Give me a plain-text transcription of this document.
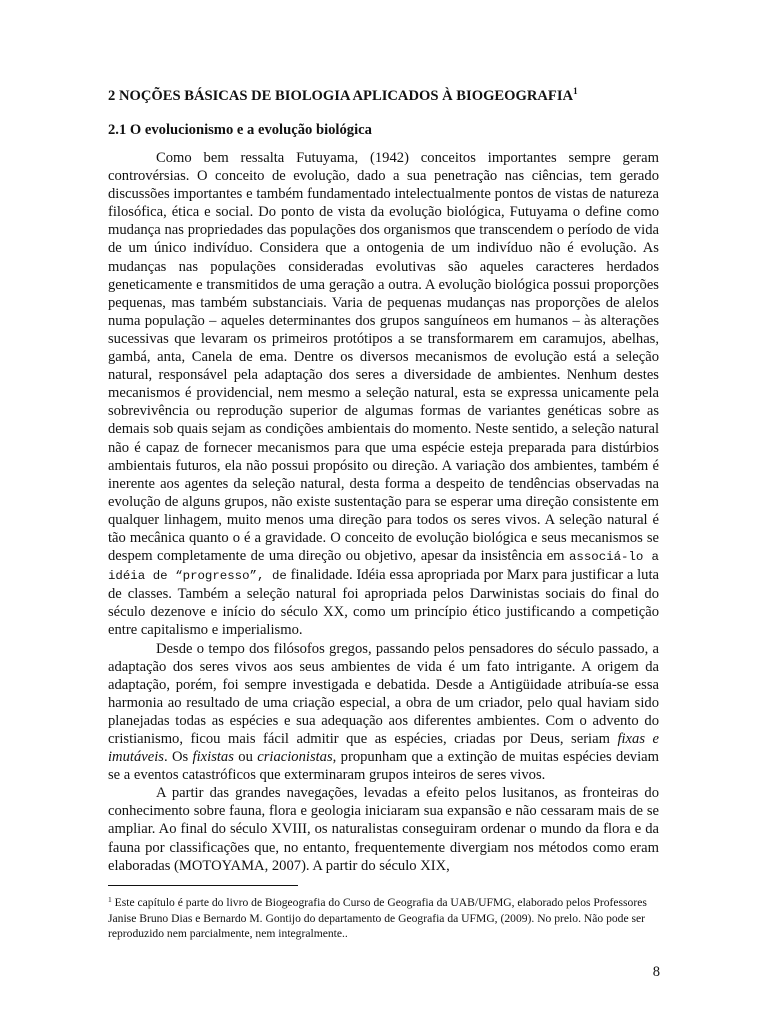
2 NOÇÕES BÁSICAS DE BIOLOGIA APLICADOS À BIOGEOGRAFIA$^1$

2.1 O evolucionismo e a evolução biológica

Como bem ressalta Futuyama, (1942) conceitos importantes sempre geram controvérsias. O conceito de evolução, dado a sua penetração nas ciências, tem gerado discussões importantes e também fundamentado intelectualmente pontos de vistas de natureza filosófica, ética e social. Do ponto de vista da evolução biológica, Futuyama o define como mudança nas propriedades das populações dos organismos que transcendem o período de vida de um único indivíduo. Considera que a ontogenia de um indivíduo não é evolução. As mudanças nas populações consideradas evolutivas são aqueles caracteres herdados geneticamente e transmitidos de uma geração a outra. A evolução biológica possui proporções pequenas, mas também substanciais. Varia de pequenas mudanças nas proporções de alelos numa população – aqueles determinantes dos grupos sanguíneos em humanos – às alterações sucessivas que levaram os primeiros protótipos a se transformarem em caramujos, abelhas, gambá, anta, Canela de ema. Dentre os diversos mecanismos de evolução está a seleção natural, responsável pela adaptação dos seres a diversidade de ambientes. Nenhum destes mecanismos é providencial, nem mesmo a seleção natural, esta se expressa unicamente pela sobrevivência ou reprodução superior de algumas formas de variantes genéticas sobre as demais sob quais sejam as condições ambientais do momento. Neste sentido, a seleção natural não é capaz de fornecer mecanismos para que uma espécie esteja preparada para distúrbios ambientais futuros, ela não possui propósito ou direção. A variação dos ambientes, também é inerente aos agentes da seleção natural, desta forma a despeito de tendências observadas na evolução de alguns grupos, não existe sustentação para se esperar uma direção consistente em qualquer linhagem, muito menos uma direção para todos os seres vivos. A seleção natural é tão mecânica quanto o é a gravidade. O conceito de evolução biológica e seus mecanismos se despem completamente de uma direção ou objetivo, apesar da insistência em associá-lo a idéia de “progresso”, de finalidade. Idéia essa apropriada por Marx para justificar a luta de classes. Também a seleção natural foi apropriada pelos Darwinistas sociais do final do século dezenove e início do século XX, como um princípio ético justificando a competição entre capitalismo e imperialismo.

Desde o tempo dos filósofos gregos, passando pelos pensadores do século passado, a adaptação dos seres vivos aos seus ambientes de vida é um fato intrigante. A origem da adaptação, porém, foi sempre investigada e debatida. Desde a Antigüidade atribuía-se essa harmonia ao resultado de uma criação especial, a obra de um criador, pelo qual haviam sido planejadas todas as espécies e sua adequação aos diferentes ambientes. Com o advento do cristianismo, ficou mais fácil admitir que as espécies, criadas por Deus, seriam fixas e imutáveis. Os fixistas ou criacionistas, propunham que a extinção de muitas espécies deviam se a eventos catastróficos que exterminaram grupos inteiros de seres vivos.

A partir das grandes navegações, levadas a efeito pelos lusitanos, as fronteiras do conhecimento sobre fauna, flora e geologia iniciaram sua expansão e não cessaram mais de se ampliar. Ao final do século XVIII, os naturalistas conseguiram ordenar o mundo da flora e da fauna por classificações que, no entanto, frequentemente divergiam nos métodos como eram elaboradas (MOTOYAMA, 2007). A partir do século XIX,

$^1$ Este capítulo é parte do livro de Biogeografia do Curso de Geografia da UAB/UFMG, elaborado pelos Professores Janise Bruno Dias e Bernardo M. Gontijo do departamento de Geografia da UFMG, (2009). No prelo. Não pode ser reproduzido nem parcialmente, nem integralmente..

8
